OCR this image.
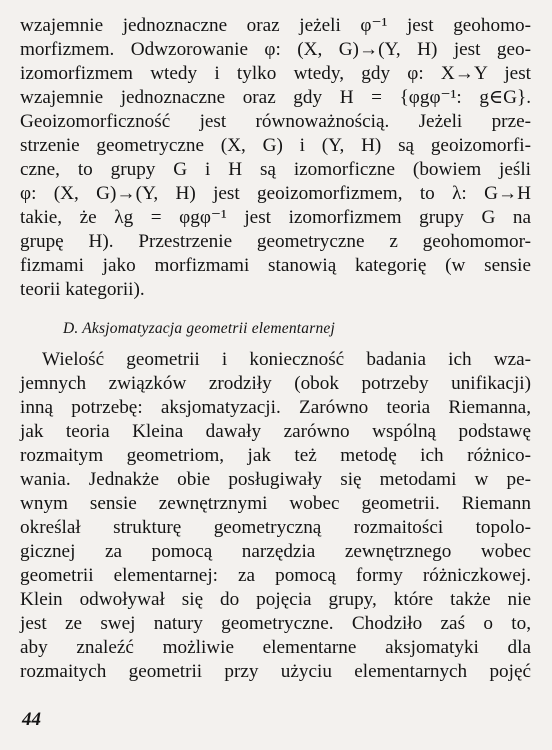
wzajemnie jednoznaczne oraz jeżeli φ⁻¹ jest geohomo-
morfizmem. Odwzorowanie φ: (X, G)→(Y, H) jest geo-
izomorfizmem wtedy i tylko wtedy, gdy φ: X→Y jest
wzajemnie jednoznaczne oraz gdy H = {φgφ⁻¹: g∈G}.
Geoizomorficzność jest równoważnością. Jeżeli prze-
strzenie geometryczne (X, G) i (Y, H) są geoizomorfi-
czne, to grupy G i H są izomorficzne (bowiem jeśli
φ: (X, G)→(Y, H) jest geoizomorfizmem, to λ: G→H
takie, że λg = φgφ⁻¹ jest izomorfizmem grupy G na
grupę H). Przestrzenie geometryczne z geohomomor-
fizmami jako morfizmami stanowią kategorię (w sensie
teorii kategorii).
D. Aksjomatyzacja geometrii elementarnej
Wielość geometrii i konieczność badania ich wza-
jemnych związków zrodziły (obok potrzeby unifikacji)
inną potrzebę: aksjomatyzacji. Zarówno teoria Riemanna,
jak teoria Kleina dawały zarówno wspólną podstawę
rozmaitym geometriom, jak też metodę ich różnico-
wania. Jednakże obie posługiwały się metodami w pe-
wnym sensie zewnętrznymi wobec geometrii. Riemann
określał strukturę geometryczną rozmaitości topolo-
gicznej za pomocą narzędzia zewnętrznego wobec
geometrii elementarnej: za pomocą formy różniczkowej.
Klein odwoływał się do pojęcia grupy, które także nie
jest ze swej natury geometryczne. Chodziło zaś o to,
aby znaleźć możliwie elementarne aksjomatyki dla
rozmaitych geometrii przy użyciu elementarnych pojęć
44
